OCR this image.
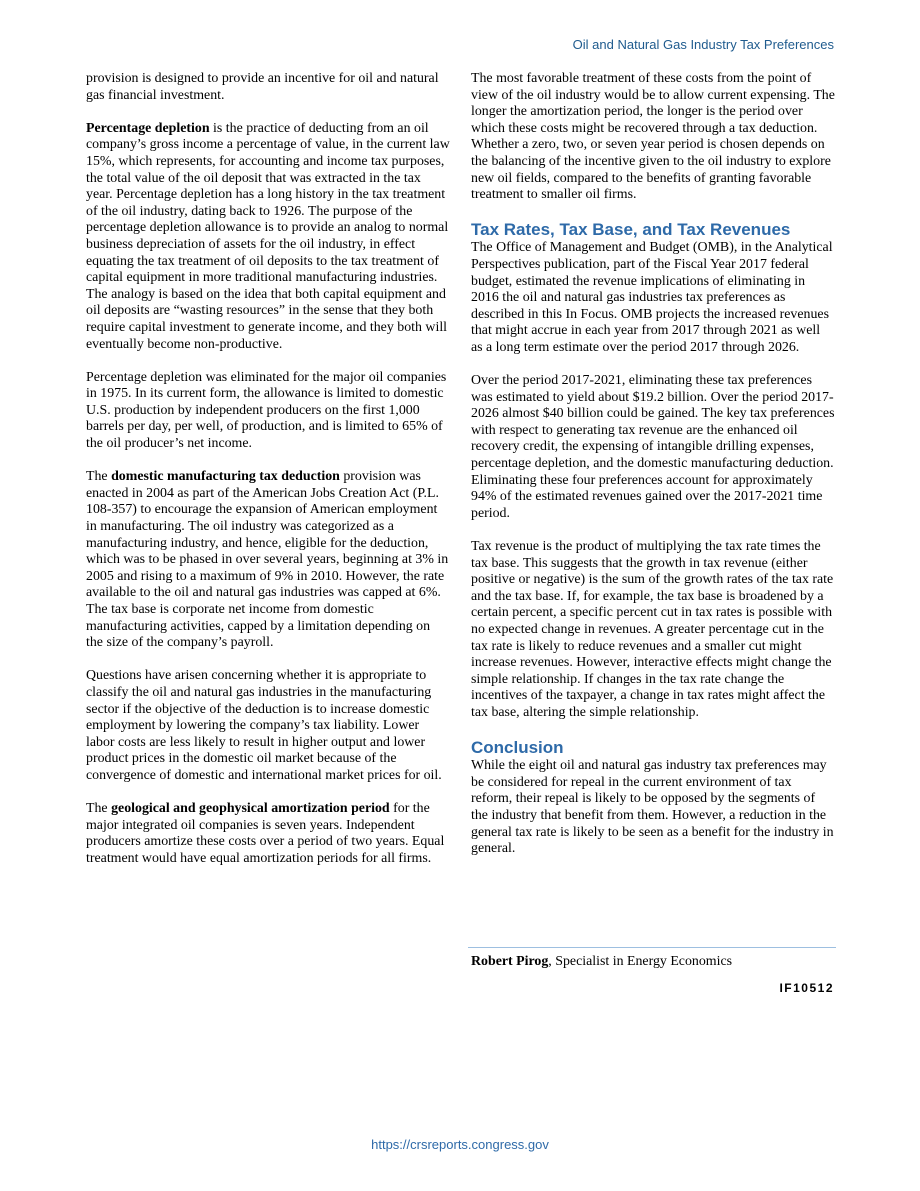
Oil and Natural Gas Industry Tax Preferences

provision is designed to provide an incentive for oil and natural gas financial investment.

Percentage depletion is the practice of deducting from an oil company’s gross income a percentage of value, in the current law 15%, which represents, for accounting and income tax purposes, the total value of the oil deposit that was extracted in the tax year. Percentage depletion has a long history in the tax treatment of the oil industry, dating back to 1926. The purpose of the percentage depletion allowance is to provide an analog to normal business depreciation of assets for the oil industry, in effect equating the tax treatment of oil deposits to the tax treatment of capital equipment in more traditional manufacturing industries. The analogy is based on the idea that both capital equipment and oil deposits are “wasting resources” in the sense that they both require capital investment to generate income, and they both will eventually become non-productive.

Percentage depletion was eliminated for the major oil companies in 1975. In its current form, the allowance is limited to domestic U.S. production by independent producers on the first 1,000 barrels per day, per well, of production, and is limited to 65% of the oil producer’s net income.

The domestic manufacturing tax deduction provision was enacted in 2004 as part of the American Jobs Creation Act (P.L. 108-357) to encourage the expansion of American employment in manufacturing. The oil industry was categorized as a manufacturing industry, and hence, eligible for the deduction, which was to be phased in over several years, beginning at 3% in 2005 and rising to a maximum of 9% in 2010. However, the rate available to the oil and natural gas industries was capped at 6%. The tax base is corporate net income from domestic manufacturing activities, capped by a limitation depending on the size of the company’s payroll.

Questions have arisen concerning whether it is appropriate to classify the oil and natural gas industries in the manufacturing sector if the objective of the deduction is to increase domestic employment by lowering the company’s tax liability. Lower labor costs are less likely to result in higher output and lower product prices in the domestic oil market because of the convergence of domestic and international market prices for oil.

The geological and geophysical amortization period for the major integrated oil companies is seven years. Independent producers amortize these costs over a period of two years. Equal treatment would have equal amortization periods for all firms.

The most favorable treatment of these costs from the point of view of the oil industry would be to allow current expensing. The longer the amortization period, the longer is the period over which these costs might be recovered through a tax deduction. Whether a zero, two, or seven year period is chosen depends on the balancing of the incentive given to the oil industry to explore new oil fields, compared to the benefits of granting favorable treatment to smaller oil firms.

Tax Rates, Tax Base, and Tax Revenues

The Office of Management and Budget (OMB), in the Analytical Perspectives publication, part of the Fiscal Year 2017 federal budget, estimated the revenue implications of eliminating in 2016 the oil and natural gas industries tax preferences as described in this In Focus. OMB projects the increased revenues that might accrue in each year from 2017 through 2021 as well as a long term estimate over the period 2017 through 2026.

Over the period 2017-2021, eliminating these tax preferences was estimated to yield about $19.2 billion. Over the period 2017-2026 almost $40 billion could be gained. The key tax preferences with respect to generating tax revenue are the enhanced oil recovery credit, the expensing of intangible drilling expenses, percentage depletion, and the domestic manufacturing deduction. Eliminating these four preferences account for approximately 94% of the estimated revenues gained over the 2017-2021 time period.

Tax revenue is the product of multiplying the tax rate times the tax base. This suggests that the growth in tax revenue (either positive or negative) is the sum of the growth rates of the tax rate and the tax base. If, for example, the tax base is broadened by a certain percent, a specific percent cut in tax rates is possible with no expected change in revenues. A greater percentage cut in the tax rate is likely to reduce revenues and a smaller cut might increase revenues. However, interactive effects might change the simple relationship. If changes in the tax rate change the incentives of the taxpayer, a change in tax rates might affect the tax base, altering the simple relationship.

Conclusion

While the eight oil and natural gas industry tax preferences may be considered for repeal in the current environment of tax reform, their repeal is likely to be opposed by the segments of the industry that benefit from them. However, a reduction in the general tax rate is likely to be seen as a benefit for the industry in general.

Robert Pirog, Specialist in Energy Economics
IF10512
https://crsreports.congress.gov
